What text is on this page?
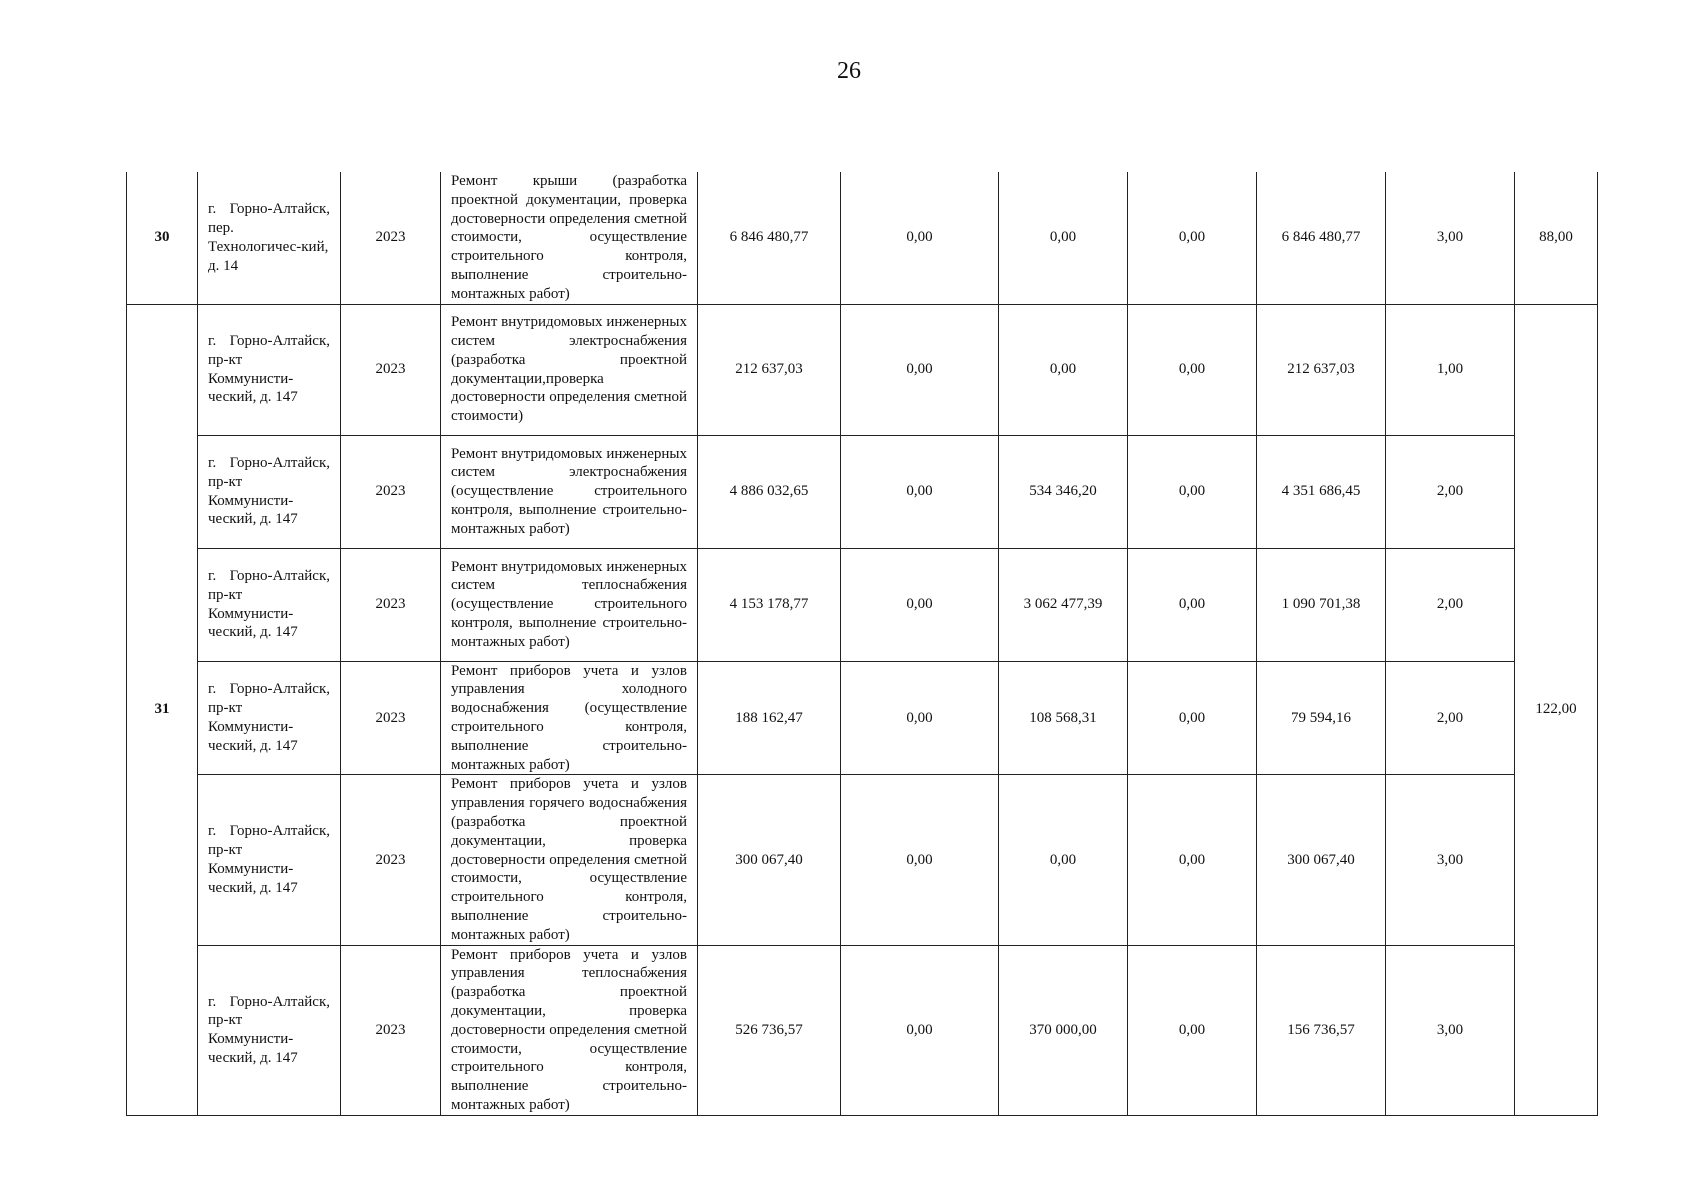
26
30	г. Горно-Алтайск, пер. Технологичес-кий, д. 14	2023	Ремонт крыши (разработка проектной документации, проверка достоверности определения сметной стоимости, осуществление строительного контроля, выполнение строительно-монтажных работ)	6 846 480,77	0,00	0,00	0,00	6 846 480,77	3,00	88,00
31	г. Горно-Алтайск, пр-кт Коммунисти-ческий, д. 147	2023	Ремонт внутридомовых инженерных систем электроснабжения (разработка проектной документации,проверка достоверности определения сметной стоимости)	212 637,03	0,00	0,00	0,00	212 637,03	1,00	122,00
	г. Горно-Алтайск, пр-кт Коммунисти-ческий, д. 147	2023	Ремонт внутридомовых инженерных систем электроснабжения (осуществление строительного контроля, выполнение строительно-монтажных работ)	4 886 032,65	0,00	534 346,20	0,00	4 351 686,45	2,00	
	г. Горно-Алтайск, пр-кт Коммунисти-ческий, д. 147	2023	Ремонт внутридомовых инженерных систем теплоснабжения (осуществление строительного контроля, выполнение строительно-монтажных работ)	4 153 178,77	0,00	3 062 477,39	0,00	1 090 701,38	2,00	
	г. Горно-Алтайск, пр-кт Коммунисти-ческий, д. 147	2023	Ремонт приборов учета и узлов управления холодного водоснабжения (осуществление строительного контроля, выполнение строительно-монтажных работ)	188 162,47	0,00	108 568,31	0,00	79 594,16	2,00	
	г. Горно-Алтайск, пр-кт Коммунисти-ческий, д. 147	2023	Ремонт приборов учета и узлов управления горячего водоснабжения (разработка проектной документации, проверка достоверности определения сметной стоимости, осуществление строительного контроля, выполнение строительно-монтажных работ)	300 067,40	0,00	0,00	0,00	300 067,40	3,00	
	г. Горно-Алтайск, пр-кт Коммунисти-ческий, д. 147	2023	Ремонт приборов учета и узлов управления теплоснабжения (разработка проектной документации, проверка достоверности определения сметной стоимости, осуществление строительного контроля, выполнение строительно-монтажных работ)	526 736,57	0,00	370 000,00	0,00	156 736,57	3,00	
